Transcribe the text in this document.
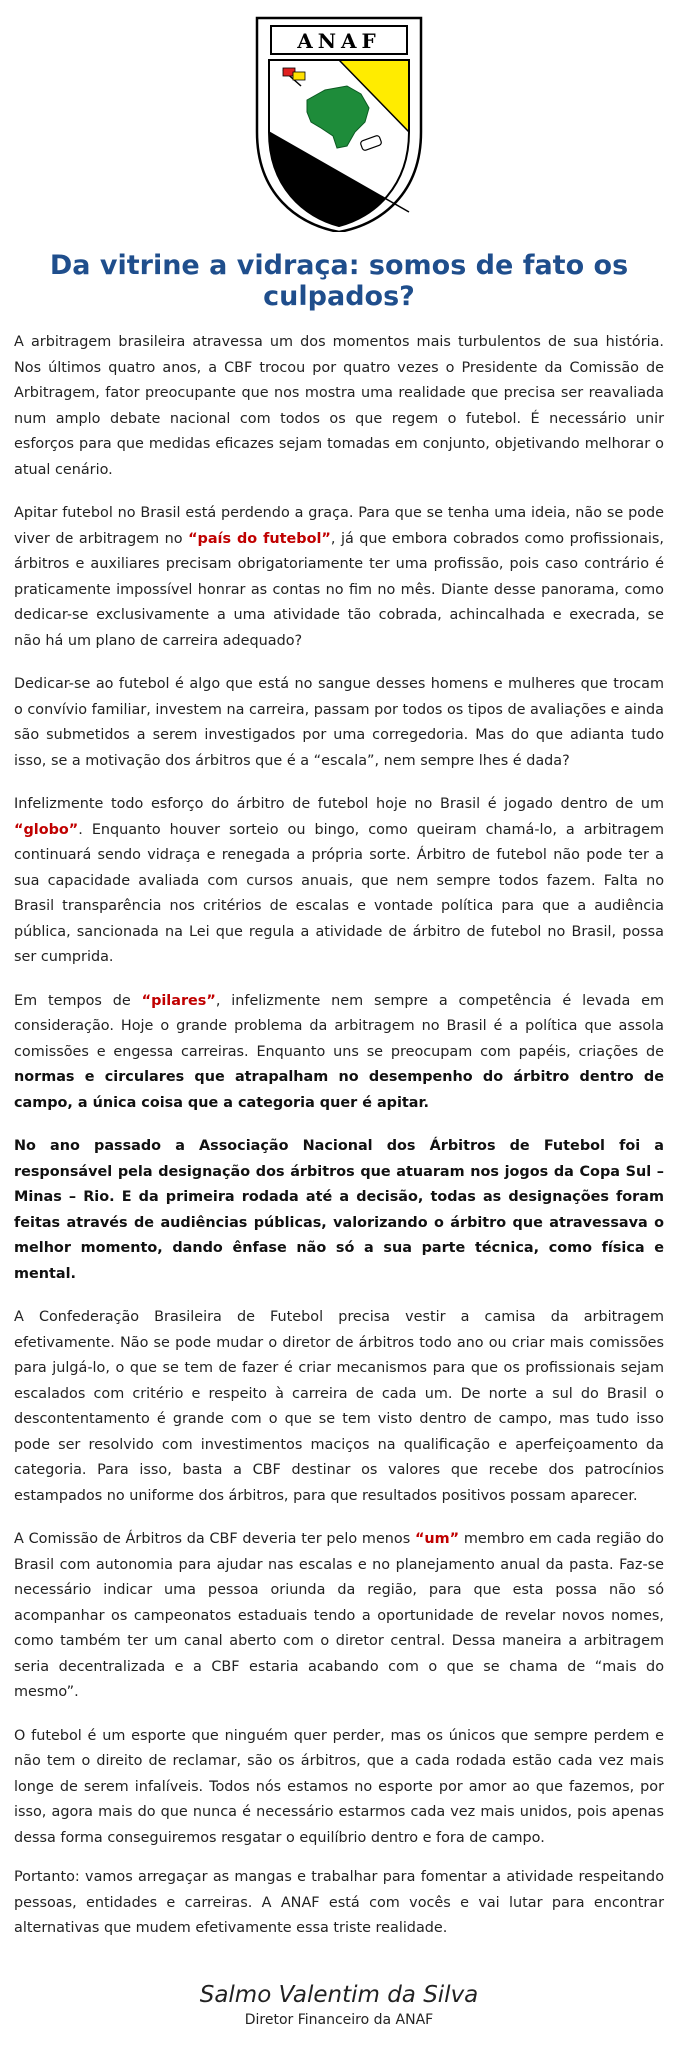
ANAF
Da vitrine a vidraça: somos de fato os culpados?

A arbitragem brasileira atravessa um dos momentos mais turbulentos de sua história. Nos últimos quatro anos, a CBF trocou por quatro vezes o Presidente da Comissão de Arbitragem, fator preocupante que nos mostra uma realidade que precisa ser reavaliada num amplo debate nacional com todos os que regem o futebol. É necessário unir esforços para que medidas eficazes sejam tomadas em conjunto, objetivando melhorar o atual cenário.

Apitar futebol no Brasil está perdendo a graça. Para que se tenha uma ideia, não se pode viver de arbitragem no “país do futebol”, já que embora cobrados como profissionais, árbitros e auxiliares precisam obrigatoriamente ter uma profissão, pois caso contrário é praticamente impossível honrar as contas no fim no mês. Diante desse panorama, como dedicar-se exclusivamente a uma atividade tão cobrada, achincalhada e execrada, se não há um plano de carreira adequado?

Dedicar-se ao futebol é algo que está no sangue desses homens e mulheres que trocam o convívio familiar, investem na carreira, passam por todos os tipos de avaliações e ainda são submetidos a serem investigados por uma corregedoria. Mas do que adianta tudo isso, se a motivação dos árbitros que é a “escala”, nem sempre lhes é dada?

Infelizmente todo esforço do árbitro de futebol hoje no Brasil é jogado dentro de um “globo”. Enquanto houver sorteio ou bingo, como queiram chamá-lo, a arbitragem continuará sendo vidraça e renegada a própria sorte. Árbitro de futebol não pode ter a sua capacidade avaliada com cursos anuais, que nem sempre todos fazem. Falta no Brasil transparência nos critérios de escalas e vontade política para que a audiência pública, sancionada na Lei que regula a atividade de árbitro de futebol no Brasil, possa ser cumprida.

Em tempos de “pilares”, infelizmente nem sempre a competência é levada em consideração. Hoje o grande problema da arbitragem no Brasil é a política que assola comissões e engessa carreiras. Enquanto uns se preocupam com papéis, criações de normas e circulares que atrapalham no desempenho do árbitro dentro de campo, a única coisa que a categoria quer é apitar.

No ano passado a Associação Nacional dos Árbitros de Futebol foi a responsável pela designação dos árbitros que atuaram nos jogos da Copa Sul – Minas – Rio. E da primeira rodada até a decisão, todas as designações foram feitas através de audiências públicas, valorizando o árbitro que atravessava o melhor momento, dando ênfase não só a sua parte técnica, como física e mental.

A Confederação Brasileira de Futebol precisa vestir a camisa da arbitragem efetivamente. Não se pode mudar o diretor de árbitros todo ano ou criar mais comissões para julgá-lo, o que se tem de fazer é criar mecanismos para que os profissionais sejam escalados com critério e respeito à carreira de cada um. De norte a sul do Brasil o descontentamento é grande com o que se tem visto dentro de campo, mas tudo isso pode ser resolvido com investimentos maciços na qualificação e aperfeiçoamento da categoria. Para isso, basta a CBF destinar os valores que recebe dos patrocínios estampados no uniforme dos árbitros, para que resultados positivos possam aparecer.

A Comissão de Árbitros da CBF deveria ter pelo menos “um” membro em cada região do Brasil com autonomia para ajudar nas escalas e no planejamento anual da pasta. Faz-se necessário indicar uma pessoa oriunda da região, para que esta possa não só acompanhar os campeonatos estaduais tendo a oportunidade de revelar novos nomes, como também ter um canal aberto com o diretor central. Dessa maneira a arbitragem seria decentralizada e a CBF estaria acabando com o que se chama de “mais do mesmo”.

O futebol é um esporte que ninguém quer perder, mas os únicos que sempre perdem e não tem o direito de reclamar, são os árbitros, que a cada rodada estão cada vez mais longe de serem infalíveis. Todos nós estamos no esporte por amor ao que fazemos, por isso, agora mais do que nunca é necessário estarmos cada vez mais unidos, pois apenas dessa forma conseguiremos resgatar o equilíbrio dentro e fora de campo.

Portanto: vamos arregaçar as mangas e trabalhar para fomentar a atividade respeitando pessoas, entidades e carreiras. A ANAF está com vocês e vai lutar para encontrar alternativas que mudem efetivamente essa triste realidade.

Salmo Valentim da Silva
Diretor Financeiro da ANAF
